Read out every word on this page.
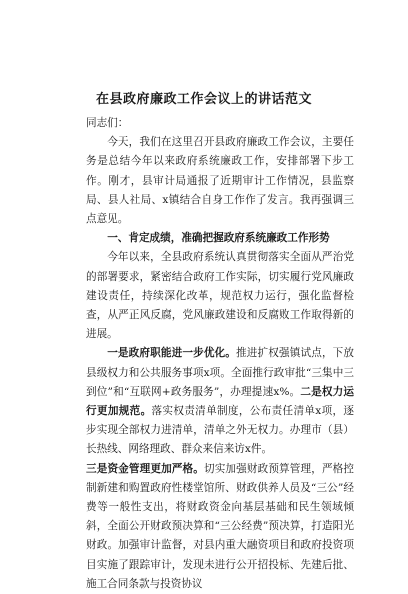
在县政府廉政工作会议上的讲话范文

同志们：

今天，我们在这里召开县政府廉政工作会议，主要任务是总结今年以来政府系统廉政工作，安排部署下步工作。刚才，县审计局通报了近期审计工作情况，县监察局、县人社局、x镇结合自身工作作了发言。我再强调三点意见。

一、肯定成绩，准确把握政府系统廉政工作形势

今年以来，全县政府系统认真贯彻落实全面从严治党的部署要求，紧密结合政府工作实际，切实履行党风廉政建设责任，持续深化改革，规范权力运行，强化监督检查，从严正风反腐，党风廉政建设和反腐败工作取得新的进展。

一是政府职能进一步优化。推进扩权强镇试点，下放县级权力和公共服务事项x项。全面推行政审批“三集中三到位”和“互联网+政务服务”，办理提速x%。二是权力运行更加规范。落实权责清单制度，公布责任清单x项，逐步实现全部权力进清单，清单之外无权力。办理市（县）长热线、网络理政、群众来信来访x件。

三是资金管理更加严格。切实加强财政预算管理，严格控制新建和购置政府性楼堂馆所、财政供养人员及“三公”经费等一般性支出，将财政资金向基层基础和民生领域倾斜，全面公开财政预决算和“三公经费”预决算，打造阳光财政。加强审计监督，对县内重大融资项目和政府投资项目实施了跟踪审计，发现未进行公开招投标、先建后批、施工合同条款与投资协议
